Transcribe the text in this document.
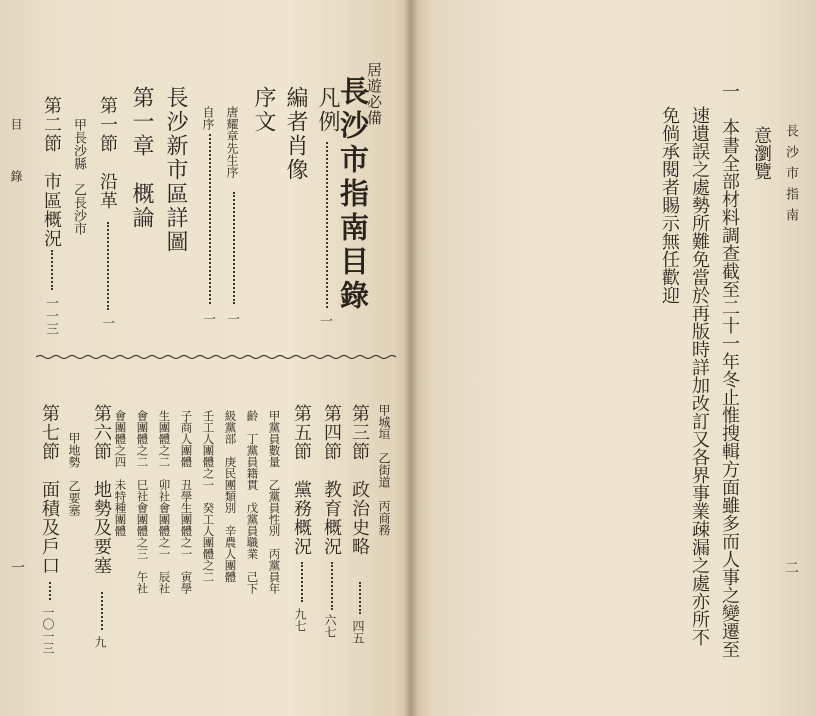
居遊必備
長沙市指南目錄
凡例
一
編者肖像
序文
唐耀章先生序
一
自序
一
長沙新市區詳圖
第一章　概論
第一節　沿革
一
甲長沙縣　乙長沙市
第二節　市區概況
一一三
甲城垣　乙街道　丙商務
第三節　政治史略
四五
第四節　教育概況
六七
第五節　黨務概況
九七
甲黨員數量　乙黨員性別　丙黨員年
齡　丁黨員籍貫　戊黨員職業　己下
級黨部　庚民團類別　辛農人團體
壬工人團體之一　癸工人團體之二
子商人團體　丑學生團體之一　寅學
生團體之二　卯社會團體之一　辰社
會團體之二　巳社會團體之三　午社
會團體之四　未特種團體
第六節　地勢及要塞
九
甲地勢　乙要塞
第七節　面積及戶口
一〇一三
目　錄
一
長沙市指南
意瀏覽
一　本書全部材料調查截至二十一年冬止惟搜輯方面雖多而人事之變遷至
速遺誤之處勢所難免當於再版時詳加改訂又各界事業疎漏之處亦所不
免倘承閱者賜示無任歡迎
二
